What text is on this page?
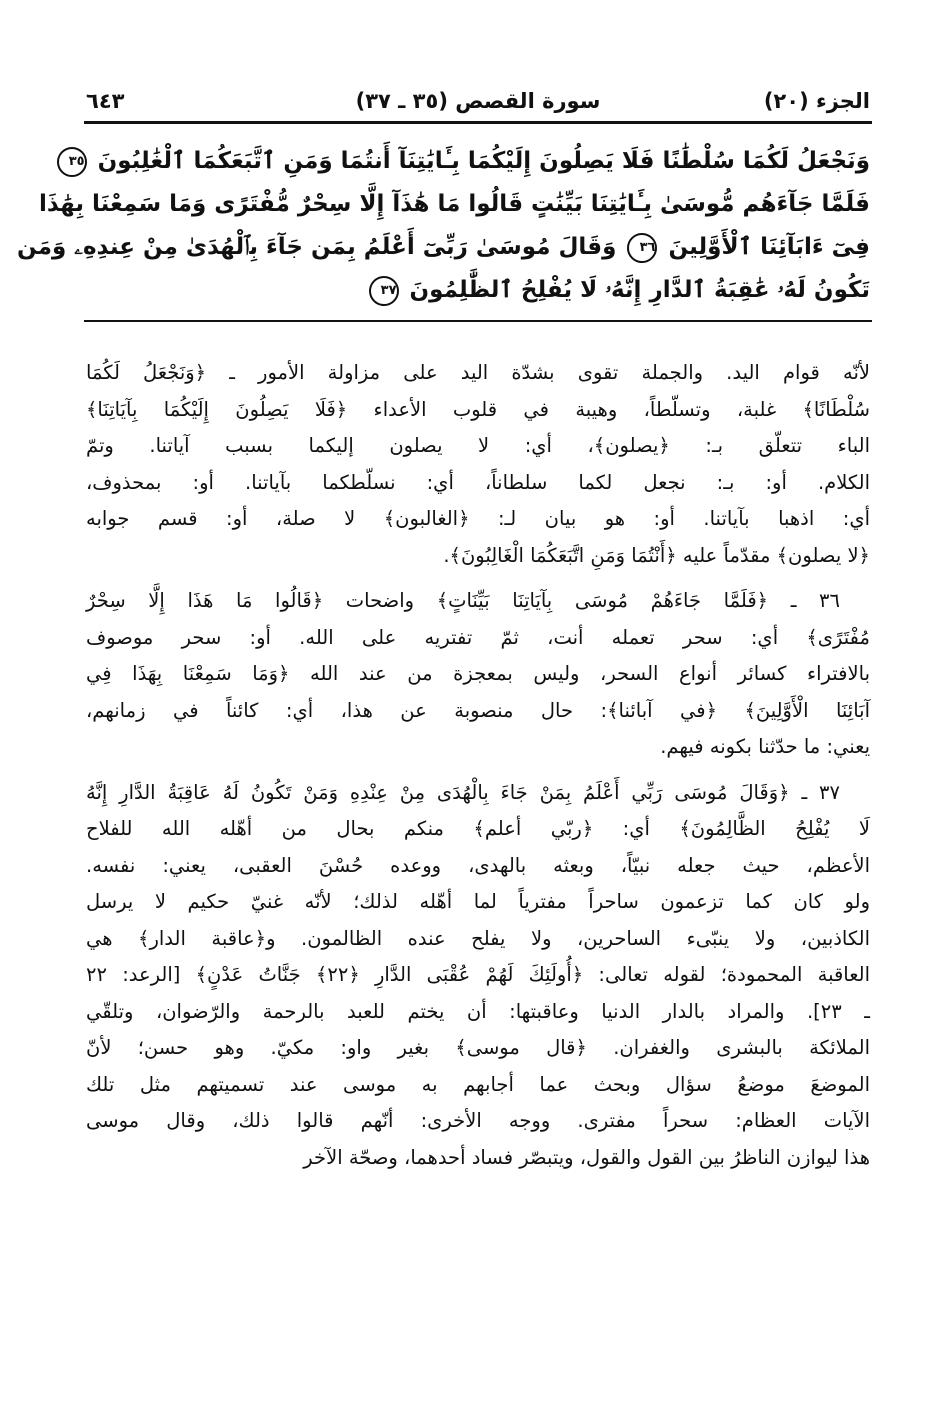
الجزء (٢٠)
سورة القصص (٣٥ ـ ٣٧)
٦٤٣
وَنَجْعَلُ لَكُمَا سُلْطَٰنًا فَلَا يَصِلُونَ إِلَيْكُمَا بِـَٔايَٰتِنَآ أَنتُمَا وَمَنِ ٱتَّبَعَكُمَا ٱلْغَٰلِبُونَ ٣٥
فَلَمَّا جَآءَهُم مُّوسَىٰ بِـَٔايَٰتِنَا بَيِّنَٰتٍ قَالُوا مَا هَٰذَآ إِلَّا سِحْرٌ مُّفْتَرًى وَمَا سَمِعْنَا بِهَٰذَا
فِىٓ ءَابَآئِنَا ٱلْأَوَّلِينَ ٣٦ وَقَالَ مُوسَىٰ رَبِّىٓ أَعْلَمُ بِمَن جَآءَ بِٱلْهُدَىٰ مِنْ عِندِهِۦ وَمَن
تَكُونُ لَهُۥ عَٰقِبَةُ ٱلدَّارِ إِنَّهُۥ لَا يُفْلِحُ ٱلظَّٰلِمُونَ ٣٧
لأنّه قوام اليد. والجملة تقوى بشدّة اليد على مزاولة الأمور ـ ﴿وَنَجْعَلُ لَكُمَا
سُلْطَانًا﴾ غلبة، وتسلّطاً، وهيبة في قلوب الأعداء ﴿فَلَا يَصِلُونَ إِلَيْكُمَا بِآيَاتِنَا﴾
الباء تتعلّق بـ: ﴿يصلون﴾، أي: لا يصلون إليكما بسبب آياتنا. وتمّ
الكلام. أو: بـ: نجعل لكما سلطاناً، أي: نسلّطكما بآياتنا. أو: بمحذوف،
أي: اذهبا بآياتنا. أو: هو بيان لـ: ﴿الغالبون﴾ لا صلة، أو: قسم جوابه
﴿لا يصلون﴾ مقدّماً عليه ﴿أَنْتُمَا وَمَنِ اتَّبَعَكُمَا الْغَالِبُونَ﴾.
٣٦ ـ ﴿فَلَمَّا جَاءَهُمْ مُوسَى بِآيَاتِنَا بَيِّنَاتٍ﴾ واضحات ﴿قَالُوا مَا هَذَا إِلَّا سِحْرٌ
مُفْتَرًى﴾ أي: سحر تعمله أنت، ثمّ تفتريه على الله. أو: سحر موصوف
بالافتراء كسائر أنواع السحر، وليس بمعجزة من عند الله ﴿وَمَا سَمِعْنَا بِهَذَا فِي
آبَائِنَا الْأَوَّلِينَ﴾ ﴿في آبائنا﴾: حال منصوبة عن هذا، أي: كائناً في زمانهم،
يعني: ما حدّثنا بكونه فيهم.
٣٧ ـ ﴿وَقَالَ مُوسَى رَبِّي أَعْلَمُ بِمَنْ جَاءَ بِالْهُدَى مِنْ عِنْدِهِ وَمَنْ تَكُونُ لَهُ عَاقِبَةُ الدَّارِ إِنَّهُ
لَا يُفْلِحُ الظَّالِمُونَ﴾ أي: ﴿ربّي أعلم﴾ منكم بحال من أهّله الله للفلاح
الأعظم، حيث جعله نبيّاً، وبعثه بالهدى، ووعده حُسْنَ العقبى، يعني: نفسه.
ولو كان كما تزعمون ساحراً مفترياً لما أهّله لذلك؛ لأنّه غنيّ حكيم لا يرسل
الكاذبين، ولا ينبّىء الساحرين، ولا يفلح عنده الظالمون. و﴿عاقبة الدار﴾ هي
العاقبة المحمودة؛ لقوله تعالى: ﴿أُولَئِكَ لَهُمْ عُقْبَى الدَّارِ ﴿٢٢﴾ جَنَّاتُ عَدْنٍ﴾ [الرعد: ٢٢
ـ ٢٣]. والمراد بالدار الدنيا وعاقبتها: أن يختم للعبد بالرحمة والرّضوان، وتلقّي
الملائكة بالبشرى والغفران. ﴿قال موسى﴾ بغير واو: مكيّ. وهو حسن؛ لأنّ
الموضعَ موضعُ سؤال وبحث عما أجابهم به موسى عند تسميتهم مثل تلك
الآيات العظام: سحراً مفترى. ووجه الأخرى: أنّهم قالوا ذلك، وقال موسى
هذا ليوازن الناظرُ بين القول والقول، ويتبصّر فساد أحدهما، وصحّة الآخر
